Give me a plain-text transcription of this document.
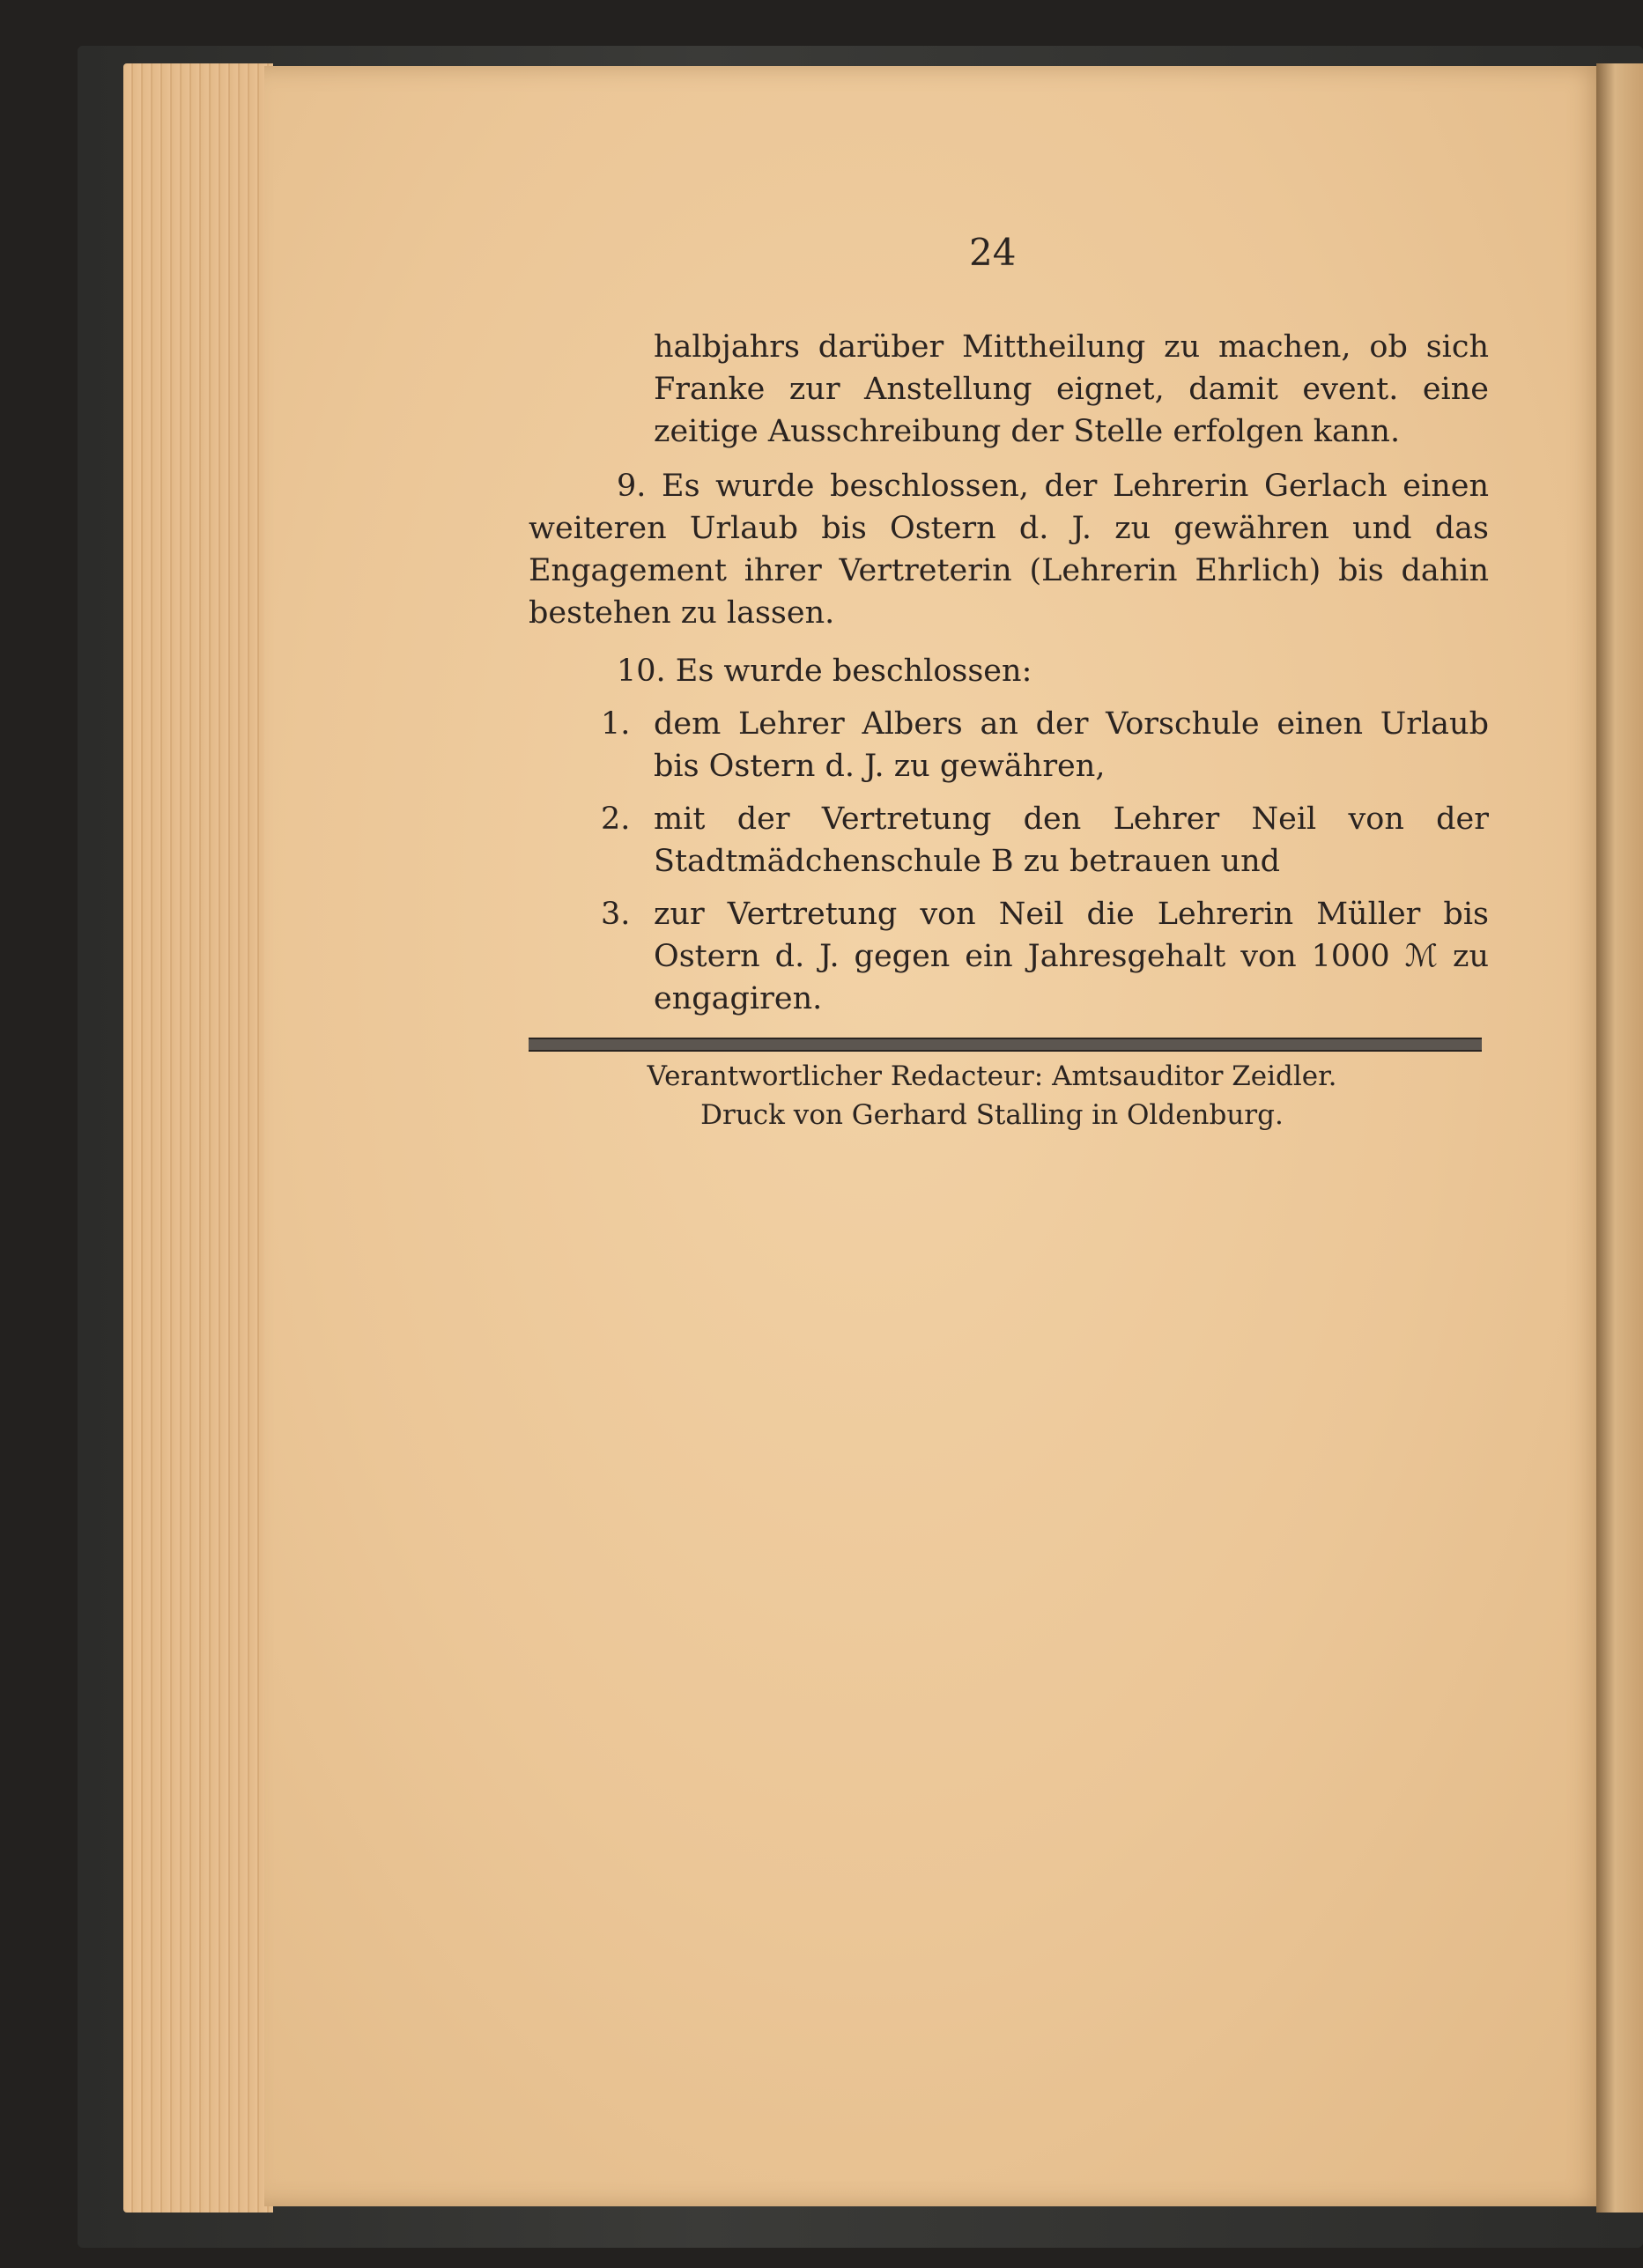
24

halbjahrs darüber Mittheilung zu machen, ob sich Franke zur Anstellung eignet, damit event. eine zeitige Ausschreibung der Stelle erfolgen kann.

9. Es wurde beschlossen, der Lehrerin Gerlach einen weiteren Urlaub bis Ostern d. J. zu gewähren und das Engagement ihrer Vertreterin (Lehrerin Ehrlich) bis dahin bestehen zu lassen.

10. Es wurde beschlossen:

1. dem Lehrer Albers an der Vorschule einen Urlaub bis Ostern d. J. zu gewähren,
2. mit der Vertretung den Lehrer Neil von der Stadtmädchenschule B zu betrauen und
3. zur Vertretung von Neil die Lehrerin Müller bis Ostern d. J. gegen ein Jahresgehalt von 1000 ℳ zu engagiren.
Verantwortlicher Redacteur: Amtsauditor Zeidler.
Druck von Gerhard Stalling in Oldenburg.
